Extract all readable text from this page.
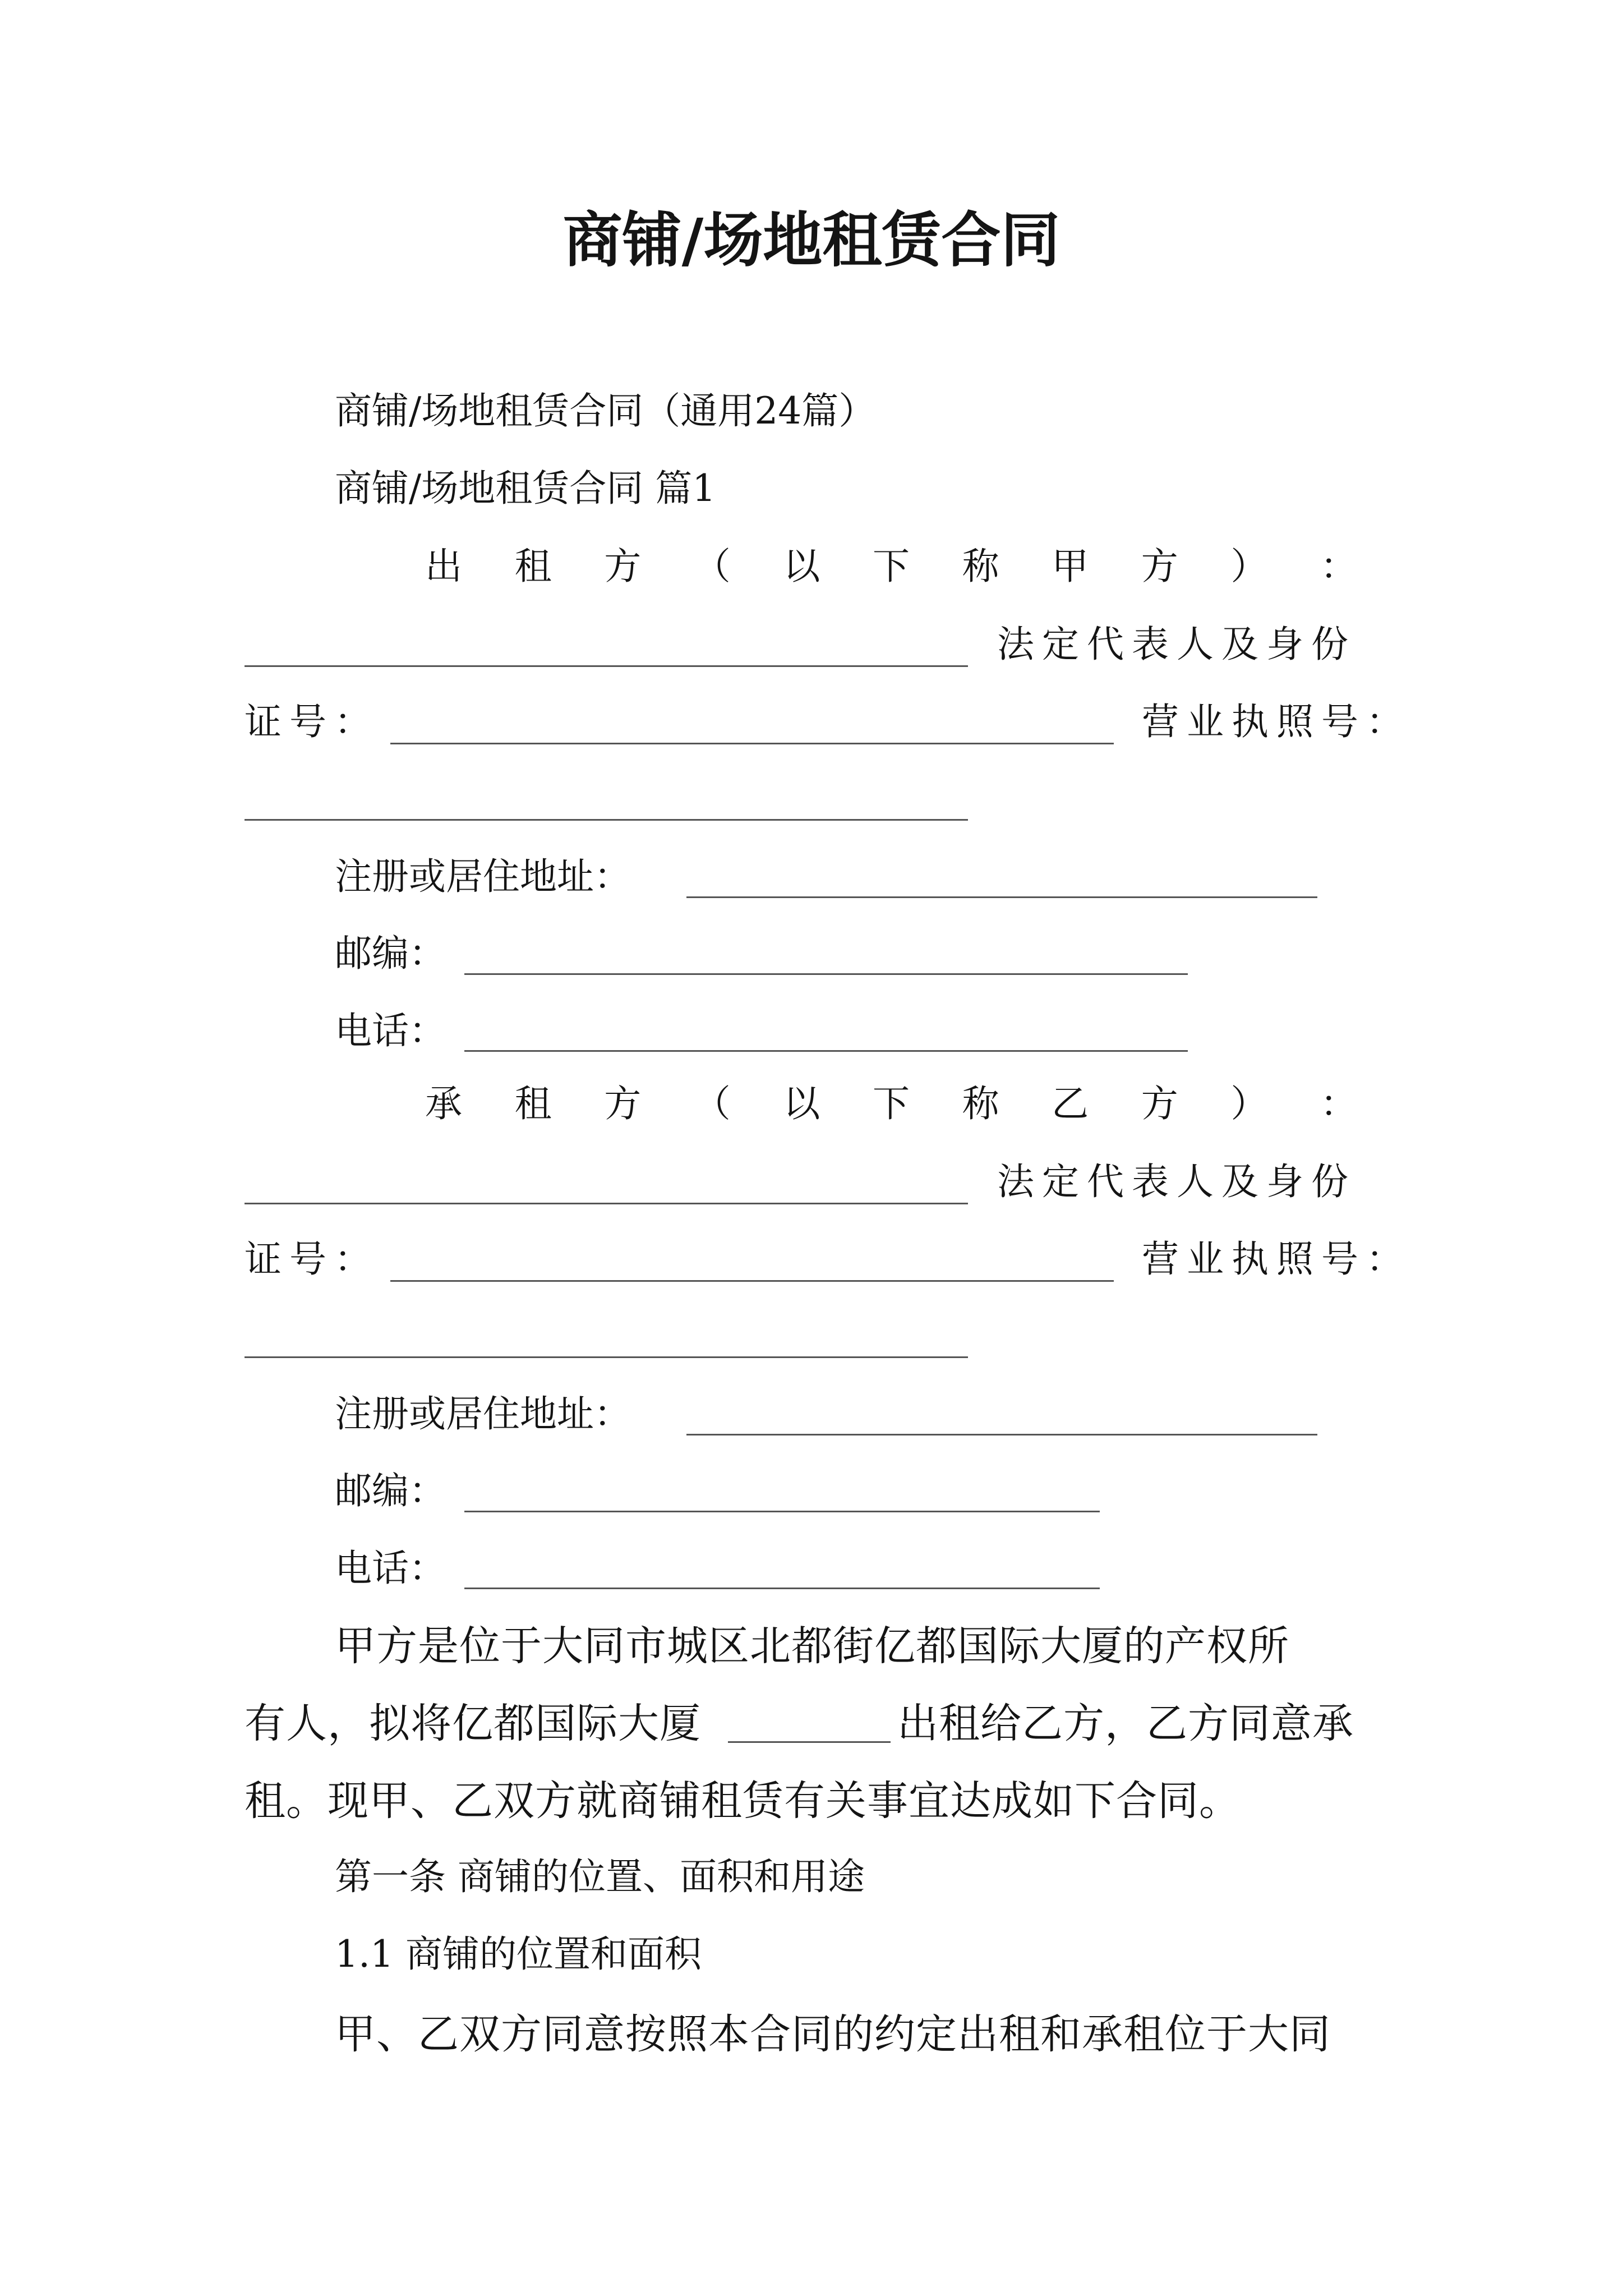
商铺/场地租赁合同
商铺/场地租赁合同（通用24篇）
商铺/场地租赁合同 篇1
出 租 方 （ 以 下 称 甲 方 ） ：
法定代表人及身份
证号：	营业执照号：
注册或居住地址：
邮编：
电话：
承 租 方 （ 以 下 称 乙 方 ） ：
法定代表人及身份
证号：	营业执照号：
注册或居住地址：
邮编：
电话：
甲方是位于大同市城区北都街亿都国际大厦的产权所
有人，拟将亿都国际大厦	出租给乙方，乙方同意承
租。现甲、乙双方就商铺租赁有关事宜达成如下合同。
第一条 商铺的位置、面积和用途
1.1 商铺的位置和面积
甲、乙双方同意按照本合同的约定出租和承租位于大同
